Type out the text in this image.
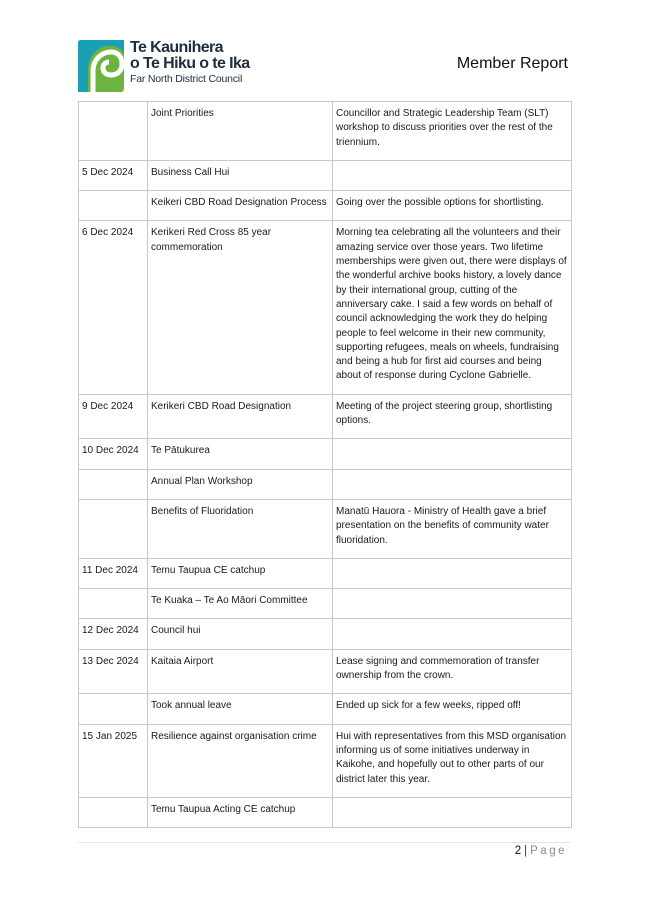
Te Kaunihera
o Te Hiku o te Ika
Far North District Council
Member Report
	Joint Priorities	Councillor and Strategic Leadership Team (SLT) workshop to discuss priorities over the rest of the triennium.
5 Dec 2024	Business Call Hui	
	Keikeri CBD Road Designation Process	Going over the possible options for shortlisting.
6 Dec 2024	Kerikeri Red Cross 85 year commemoration	Morning tea celebrating all the volunteers and their amazing service over those years. Two lifetime memberships were given out, there were displays of the wonderful archive books history, a lovely dance by their international group, cutting of the anniversary cake. I said a few words on behalf of council acknowledging the work they do helping people to feel welcome in their new community, supporting refugees, meals on wheels, fundraising and being a hub for first aid courses and being about of response during Cyclone Gabrielle.
9 Dec 2024	Kerikeri CBD Road Designation	Meeting of the project steering group, shortlisting options.
10 Dec 2024	Te Pātukurea	
	Annual Plan Workshop	
	Benefits of Fluoridation	Manatū Hauora - Ministry of Health gave a brief presentation on the benefits of community water fluoridation.
11 Dec 2024	Temu Taupua CE catchup	
	Te Kuaka – Te Ao Māori Committee	
12 Dec 2024	Council hui	
13 Dec 2024	Kaitaia Airport	Lease signing and commemoration of transfer ownership from the crown.
	Took annual leave	Ended up sick for a few weeks, ripped off!
15 Jan 2025	Resilience against organisation crime	Hui with representatives from this MSD organisation informing us of some initiatives underway in Kaikohe, and hopefully out to other parts of our district later this year.
	Temu Taupua Acting CE catchup	
2 | Page
